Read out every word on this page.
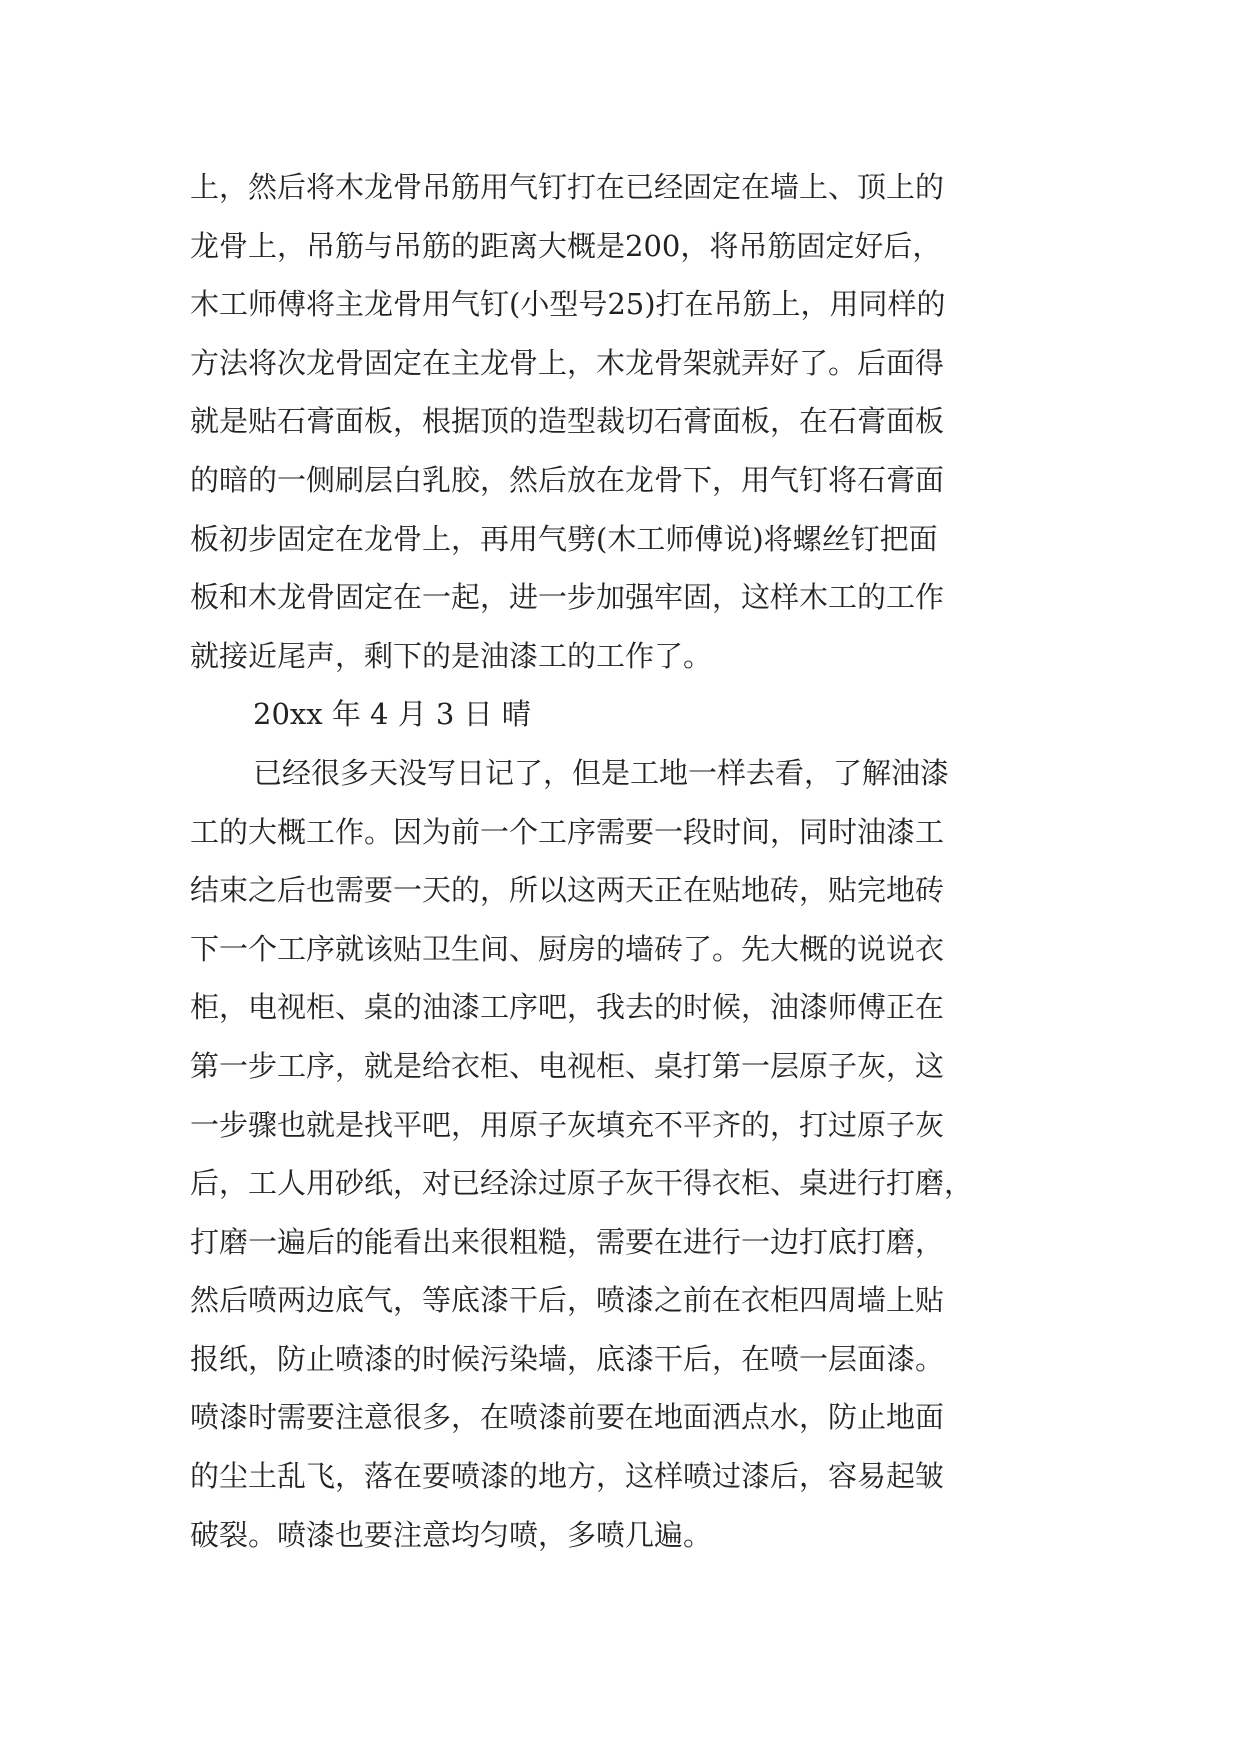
上，然后将木龙骨吊筋用气钉打在已经固定在墙上、顶上的
龙骨上，吊筋与吊筋的距离大概是200，将吊筋固定好后，
木工师傅将主龙骨用气钉(小型号25)打在吊筋上，用同样的
方法将次龙骨固定在主龙骨上，木龙骨架就弄好了。后面得
就是贴石膏面板，根据顶的造型裁切石膏面板，在石膏面板
的暗的一侧刷层白乳胶，然后放在龙骨下，用气钉将石膏面
板初步固定在龙骨上，再用气劈(木工师傅说)将螺丝钉把面
板和木龙骨固定在一起，进一步加强牢固，这样木工的工作
就接近尾声，剩下的是油漆工的工作了。
20xx 年 4 月 3 日 晴
已经很多天没写日记了，但是工地一样去看，了解油漆
工的大概工作。因为前一个工序需要一段时间，同时油漆工
结束之后也需要一天的，所以这两天正在贴地砖，贴完地砖
下一个工序就该贴卫生间、厨房的墙砖了。先大概的说说衣
柜，电视柜、桌的油漆工序吧，我去的时候，油漆师傅正在
第一步工序，就是给衣柜、电视柜、桌打第一层原子灰，这
一步骤也就是找平吧，用原子灰填充不平齐的，打过原子灰
后，工人用砂纸，对已经涂过原子灰干得衣柜、桌进行打磨，
打磨一遍后的能看出来很粗糙，需要在进行一边打底打磨，
然后喷两边底气，等底漆干后，喷漆之前在衣柜四周墙上贴
报纸，防止喷漆的时候污染墙，底漆干后，在喷一层面漆。
喷漆时需要注意很多，在喷漆前要在地面洒点水，防止地面
的尘土乱飞，落在要喷漆的地方，这样喷过漆后，容易起皱
破裂。喷漆也要注意均匀喷，多喷几遍。
